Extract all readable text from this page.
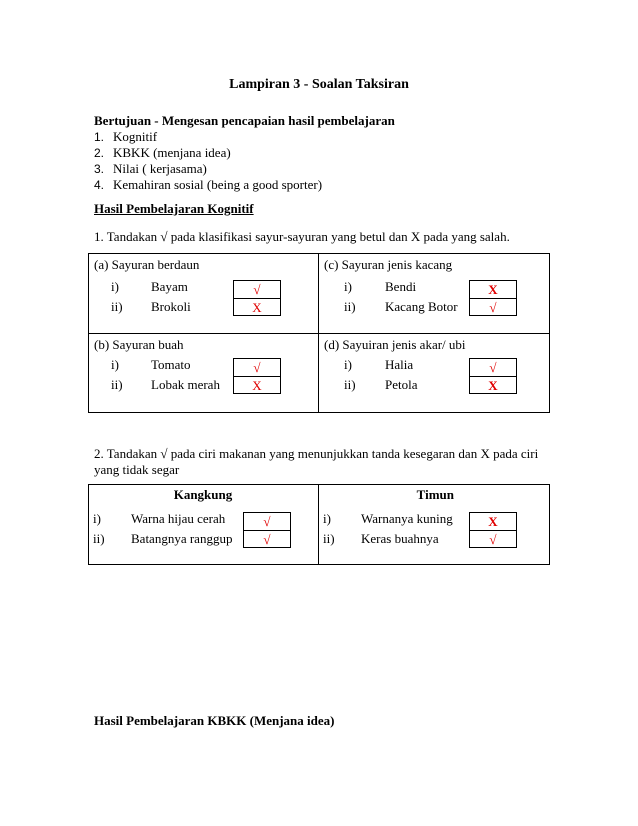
Lampiran 3 - Soalan Taksiran
Bertujuan - Mengesan pencapaian hasil pembelajaran
1. Kognitif
2. KBKK (menjana idea)
3. Nilai ( kerjasama)
4. Kemahiran sosial (being a good sporter)
Hasil Pembelajaran Kognitif
1. Tandakan √ pada klasifikasi sayur-sayuran yang betul dan X pada yang salah.
(a) Sayuran berdaun
i) Bayam
ii) Brokoli
√
X
(c) Sayuran jenis kacang
i)	Bendi
ii) Kacang Botor
X
√
(b) Sayuran buah
i) Tomato
ii) Lobak merah
√
X
(d) Sayuiran jenis akar/ ubi
i)	Halia
ii) Petola
√
X
2. Tandakan √ pada ciri makanan yang menunjukkan tanda kesegaran dan X pada ciri
yang tidak segar
Kangkung
i) Warna hijau cerah
ii) Batangnya ranggup
√
√
Timun
i) Warnanya kuning
ii) Keras buahnya
X
√
Hasil Pembelajaran KBKK (Menjana idea)
